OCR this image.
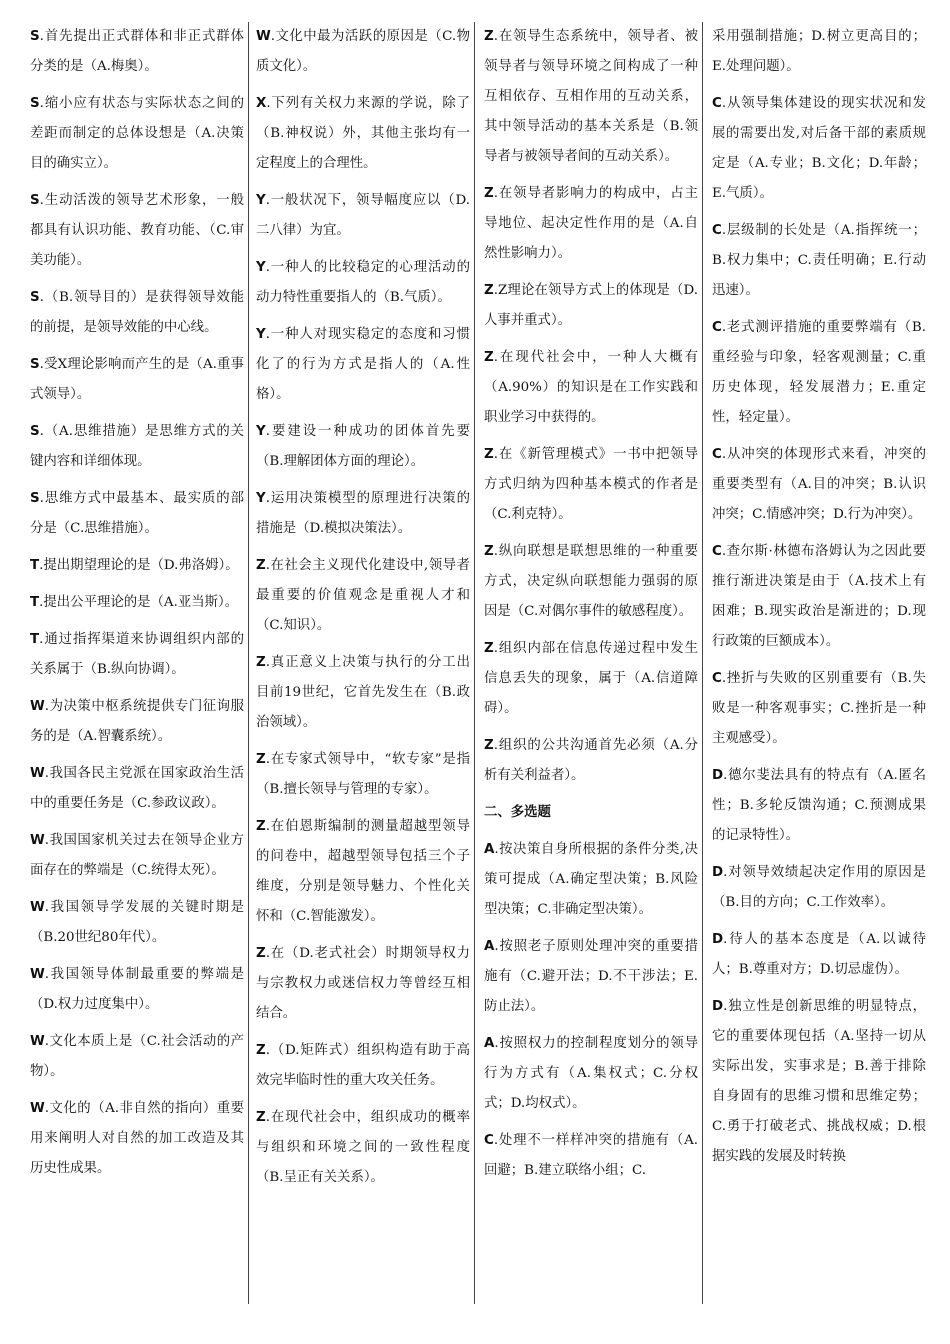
S.首先提出正式群体和非正式群体分类的是（A.梅奥）。
S.缩小应有状态与实际状态之间的差距而制定的总体设想是（A.决策目的确实立）。
S.生动活泼的领导艺术形象，一般都具有认识功能、教育功能、（C.审美功能）。
S.（B.领导目的）是获得领导效能的前提，是领导效能的中心线。
S.受X理论影响而产生的是（A.重事式领导）。
S.（A.思维措施）是思维方式的关键内容和详细体现。
S.思维方式中最基本、最实质的部分是（C.思维措施）。
T.提出期望理论的是（D.弗洛姆）。
T.提出公平理论的是（A.亚当斯）。
T.通过指挥渠道来协调组织内部的关系属于（B.纵向协调）。
W.为决策中枢系统提供专门征询服务的是（A.智囊系统）。
W.我国各民主党派在国家政治生活中的重要任务是（C.参政议政）。
W.我国国家机关过去在领导企业方面存在的弊端是（C.统得太死）。
W.我国领导学发展的关键时期是（B.20世纪80年代）。
W.我国领导体制最重要的弊端是（D.权力过度集中）。
W.文化本质上是（C.社会活动的产物）。
W.文化的（A.非自然的指向）重要用来阐明人对自然的加工改造及其历史性成果。
W.文化中最为活跃的原因是（C.物质文化）。
X.下列有关权力来源的学说，除了（B.神权说）外，其他主张均有一定程度上的合理性。
Y.一般状况下，领导幅度应以（D.二八律）为宜。
Y.一种人的比较稳定的心理活动的动力特性重要指人的（B.气质）。
Y.一种人对现实稳定的态度和习惯化了的行为方式是指人的（A.性格）。
Y.要建设一种成功的团体首先要（B.理解团体方面的理论）。
Y.运用决策模型的原理进行决策的措施是（D.模拟决策法）。
Z.在社会主义现代化建设中,领导者最重要的价值观念是重视人才和（C.知识）。
Z.真正意义上决策与执行的分工出目前19世纪，它首先发生在（B.政治领域）。
Z.在专家式领导中，“软专家”是指（B.擅长领导与管理的专家）。
Z.在伯恩斯编制的测量超越型领导的问卷中，超越型领导包括三个子维度，分别是领导魅力、个性化关怀和（C.智能激发）。
Z.在（D.老式社会）时期领导权力与宗教权力或迷信权力等曾经互相结合。
Z.（D.矩阵式）组织构造有助于高效完毕临时性的重大攻关任务。
Z.在现代社会中，组织成功的概率与组织和环境之间的一致性程度（B.呈正有关关系）。
Z.在领导生态系统中，领导者、被领导者与领导环境之间构成了一种互相依存、互相作用的互动关系，其中领导活动的基本关系是（B.领导者与被领导者间的互动关系）。
Z.在领导者影响力的构成中，占主导地位、起决定性作用的是（A.自然性影响力）。
Z.Z理论在领导方式上的体现是（D.人事并重式）。
Z.在现代社会中，一种人大概有（A.90%）的知识是在工作实践和职业学习中获得的。
Z.在《新管理模式》一书中把领导方式归纳为四种基本模式的作者是（C.利克特）。
Z.纵向联想是联想思维的一种重要方式，决定纵向联想能力强弱的原因是（C.对偶尔事件的敏感程度）。
Z.组织内部在信息传递过程中发生信息丢失的现象，属于（A.信道障碍）。
Z.组织的公共沟通首先必须（A.分析有关利益者）。
二、多选题
A.按决策自身所根据的条件分类,决策可提成（A.确定型决策；B.风险型决策；C.非确定型决策）。
A.按照老子原则处理冲突的重要措施有（C.避开法；D.不干涉法；E.防止法）。
A.按照权力的控制程度划分的领导行为方式有（A.集权式；C.分权式；D.均权式）。
C.处理不一样样冲突的措施有（A.回避；B.建立联络小组；C.
采用强制措施；D.树立更高目的；E.处理问题）。
C.从领导集体建设的现实状况和发展的需要出发,对后备干部的素质规定是（A.专业；B.文化；D.年龄；E.气质）。
C.层级制的长处是（A.指挥统一；B.权力集中；C.责任明确；E.行动迅速）。
C.老式测评措施的重要弊端有（B.重经验与印象，轻客观测量；C.重历史体现，轻发展潜力；E.重定性，轻定量）。
C.从冲突的体现形式来看，冲突的重要类型有（A.目的冲突；B.认识冲突；C.情感冲突；D.行为冲突）。
C.查尔斯·林德布洛姆认为之因此要推行渐进决策是由于（A.技术上有困难；B.现实政治是渐进的；D.现行政策的巨额成本）。
C.挫折与失败的区别重要有（B.失败是一种客观事实；C.挫折是一种主观感受）。
D.德尔斐法具有的特点有（A.匿名性；B.多轮反馈沟通；C.预测成果的记录特性）。
D.对领导效绩起决定作用的原因是（B.目的方向；C.工作效率）。
D.待人的基本态度是（A.以诚待人；B.尊重对方；D.切忌虚伪）。
D.独立性是创新思维的明显特点，它的重要体现包括（A.坚持一切从实际出发，实事求是；B.善于排除自身固有的思维习惯和思维定势；C.勇于打破老式、挑战权威；D.根据实践的发展及时转换
